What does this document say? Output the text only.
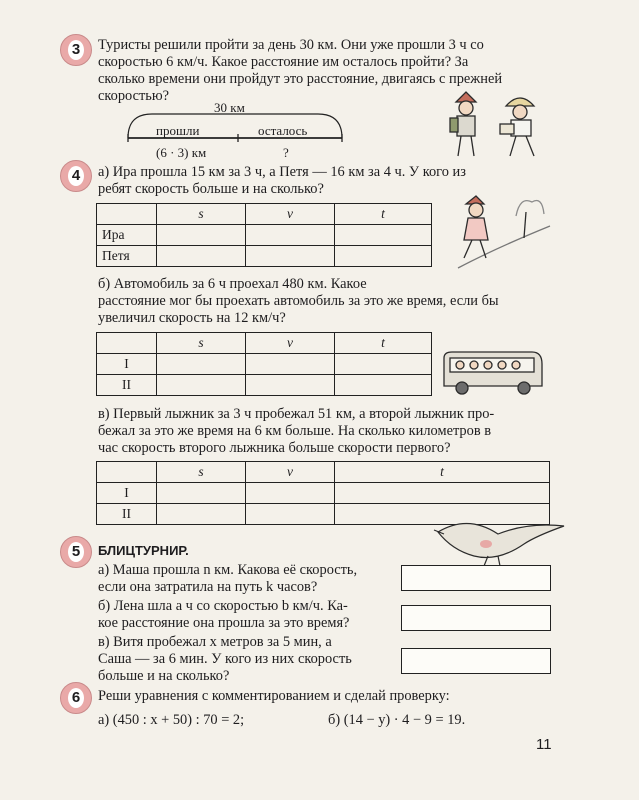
3 Туристы решили пройти за день 30 км. Они уже прошли 3 ч со
скоростью 6 км/ч. Какое расстояние им осталось пройти? За
сколько времени они пройдут это расстояние, двигаясь с прежней
скоростью?
30 км
прошли	осталось
(6 · 3) км	?
4 а) Ира прошла 15 км за 3 ч, а Петя — 16 км за 4 ч. У кого из
ребят скорость больше и на сколько?
	s	v	t
Ира			
Петя			
б) Автомобиль за 6 ч проехал 480 км. Какое
расстояние мог бы проехать автомобиль за это же время, если бы
увеличил скорость на 12 км/ч?
	s	v	t
I			
II			
в) Первый лыжник за 3 ч пробежал 51 км, а второй лыжник про-
бежал за это же время на 6 км больше. На сколько километров в
час скорость второго лыжника больше скорости первого?
	s	v	t
I			
II			
5 БЛИЦТУРНИР.
а) Маша прошла n км. Какова её скорость,
если она затратила на путь k часов?
б) Лена шла a ч со скоростью b км/ч. Ка-
кое расстояние она прошла за это время?
в) Витя пробежал x метров за 5 мин, а
Саша — за 6 мин. У кого из них скорость
больше и на сколько?
6 Реши уравнения с комментированием и сделай проверку:
а) (450 : x + 50) : 70 = 2;	б) (14 − y) · 4 − 9 = 19.
11
